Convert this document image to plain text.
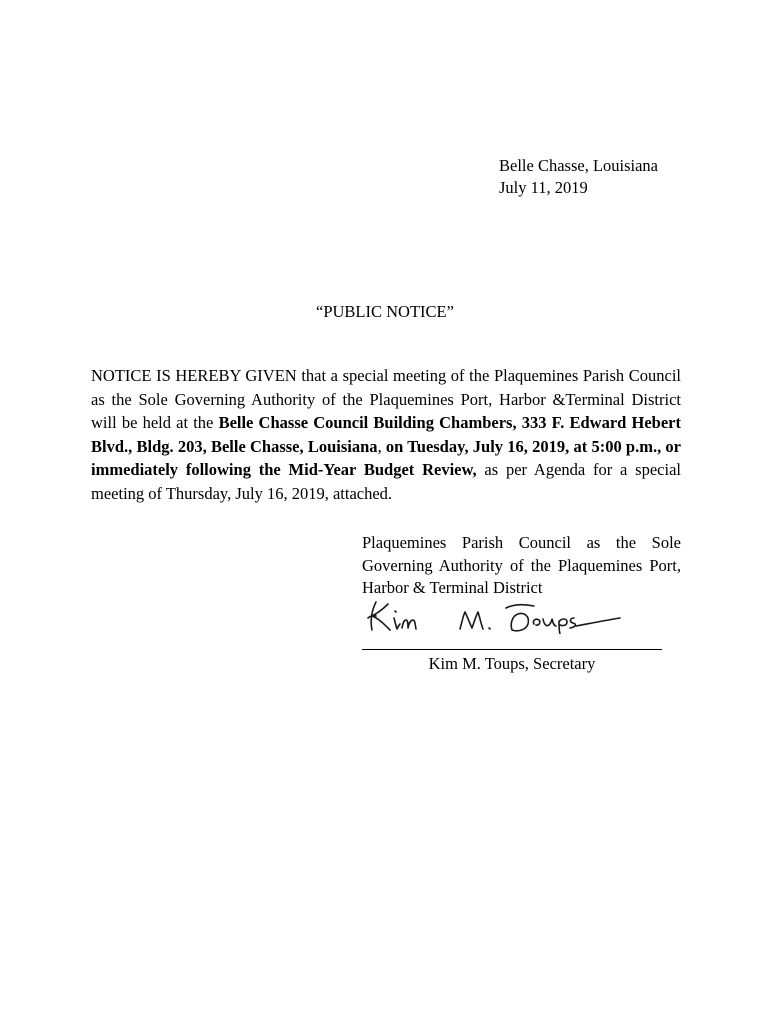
Belle Chasse, Louisiana
July 11, 2019
“PUBLIC NOTICE”
NOTICE IS HEREBY GIVEN that a special meeting of the Plaquemines Parish Council as the Sole Governing Authority of the Plaquemines Port, Harbor &Terminal District will be held at the Belle Chasse Council Building Chambers, 333 F. Edward Hebert Blvd., Bldg. 203, Belle Chasse, Louisiana, on Tuesday, July 16, 2019, at 5:00 p.m., or immediately following the Mid-Year Budget Review, as per Agenda for a special meeting of Thursday, July 16, 2019, attached.
Plaquemines Parish Council as the Sole Governing Authority of the Plaquemines Port, Harbor & Terminal District
Kim M. Toups, Secretary
